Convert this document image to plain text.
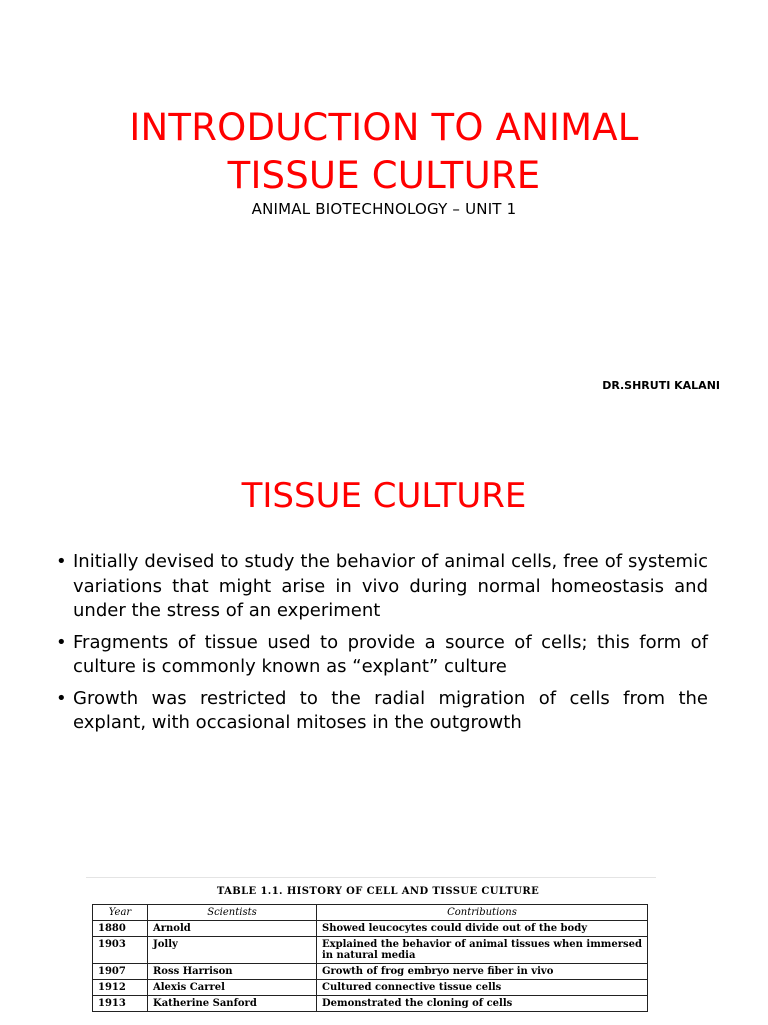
INTRODUCTION TO ANIMAL
TISSUE CULTURE
ANIMAL BIOTECHNOLOGY – UNIT 1
DR.SHRUTI KALANI
TISSUE CULTURE
• Initially devised to study the behavior of animal cells, free of systemic variations that might arise in vivo during normal homeostasis and under the stress of an experiment
• Fragments of tissue used to provide a source of cells; this form of culture is commonly known as “explant” culture
• Growth was restricted to the radial migration of cells from the explant, with occasional mitoses in the outgrowth
TABLE 1.1. HISTORY OF CELL AND TISSUE CULTURE
Year	Scientists	Contributions
1880	Arnold	Showed leucocytes could divide out of the body
1903	Jolly	Explained the behavior of animal tissues when immersed in natural media
1907	Ross Harrison	Growth of frog embryo nerve fiber in vivo
1912	Alexis Carrel	Cultured connective tissue cells
1913	Katherine Sanford	Demonstrated the cloning of cells
